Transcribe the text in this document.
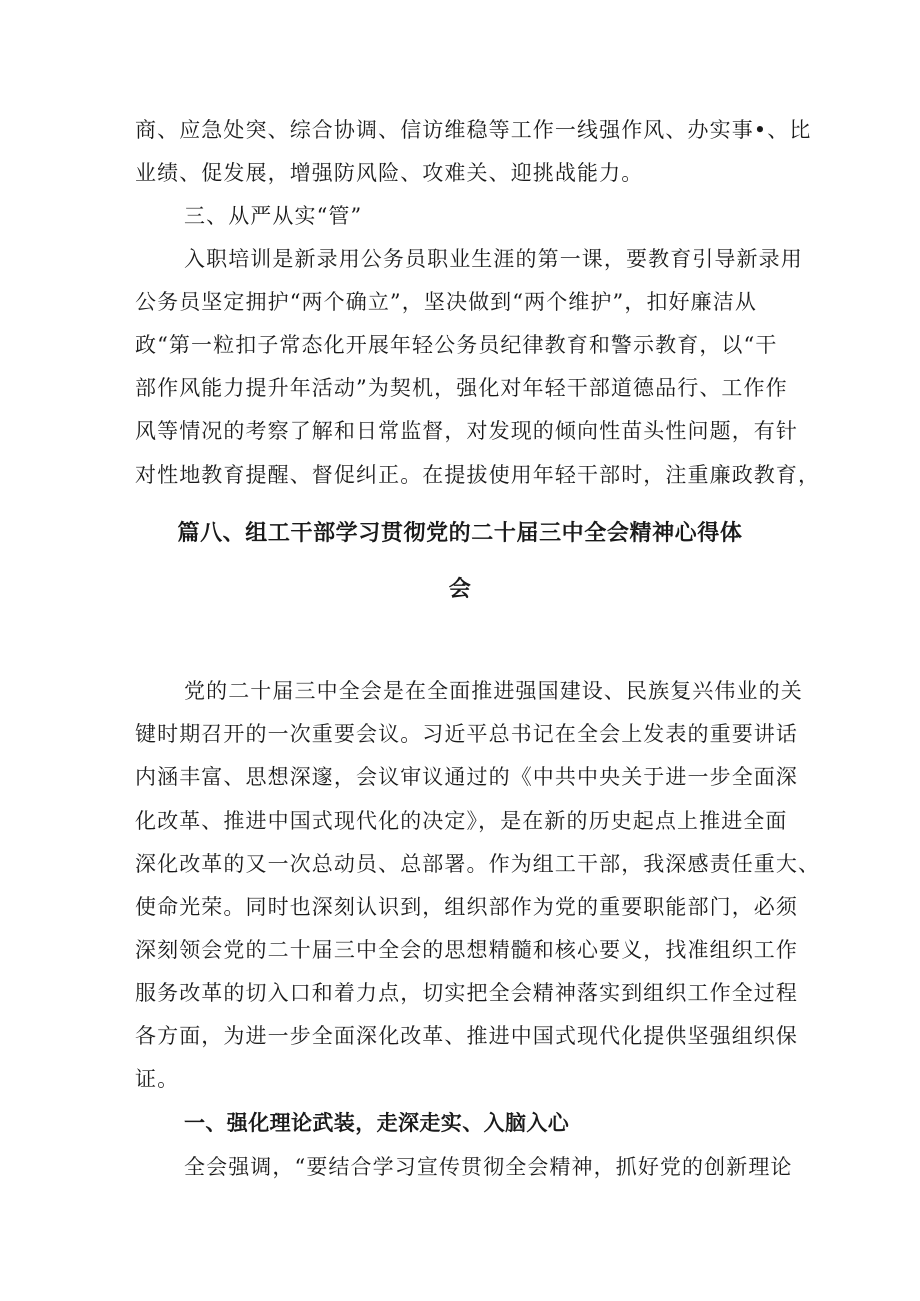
商、应急处突、综合协调、信访维稳等工作一线强作风、办实事•、比
业绩、促发展，增强防风险、攻难关、迎挑战能力。
三、从严从实“管”
入职培训是新录用公务员职业生涯的第一课，要教育引导新录用
公务员坚定拥护“两个确立”，坚决做到“两个维护”，扣好廉洁从
政“第一粒扣子常态化开展年轻公务员纪律教育和警示教育，以“干
部作风能力提升年活动”为契机，强化对年轻干部道德品行、工作作
风等情况的考察了解和日常监督，对发现的倾向性苗头性问题，有针
对性地教育提醒、督促纠正。在提拔使用年轻干部时，注重廉政教育，
篇八、组工干部学习贯彻党的二十届三中全会精神心得体
会
党的二十届三中全会是在全面推进强国建设、民族复兴伟业的关
键时期召开的一次重要会议。习近平总书记在全会上发表的重要讲话
内涵丰富、思想深邃，会议审议通过的《中共中央关于进一步全面深
化改革、推进中国式现代化的决定》，是在新的历史起点上推进全面
深化改革的又一次总动员、总部署。作为组工干部，我深感责任重大、
使命光荣。同时也深刻认识到，组织部作为党的重要职能部门，必须
深刻领会党的二十届三中全会的思想精髓和核心要义，找准组织工作
服务改革的切入口和着力点，切实把全会精神落实到组织工作全过程
各方面，为进一步全面深化改革、推进中国式现代化提供坚强组织保
证。
一、强化理论武装，走深走实、入脑入心
全会强调，“要结合学习宣传贯彻全会精神，抓好党的创新理论
